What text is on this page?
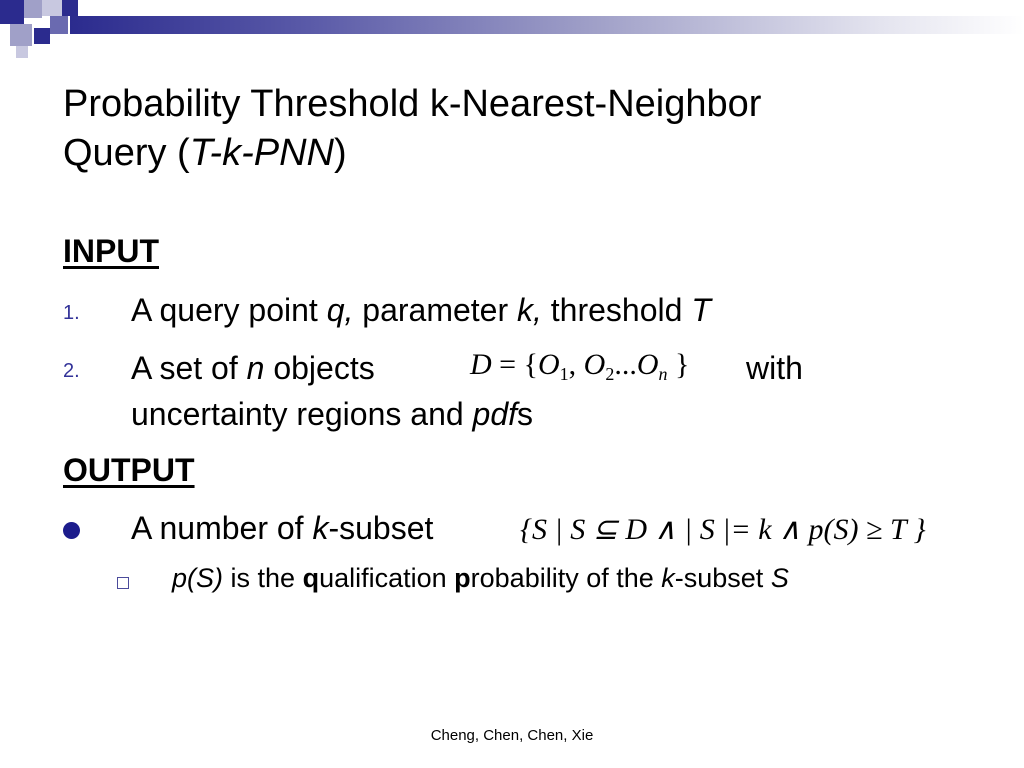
Probability Threshold k-Nearest-Neighbor
Query (T-k-PNN)
INPUT
1. A query point q, parameter k, threshold T
2. A set of n objects	$D = \{O_1$, $O_2...O_n$ } with
uncertainty regions and pdfs
OUTPUT
A number of k-subset	{S | S ⊆ D ∧ | S |= k ∧ p(S) ≥ T }
p(S) is the qualification probability of the k-subset S
Cheng, Chen, Chen, Xie
